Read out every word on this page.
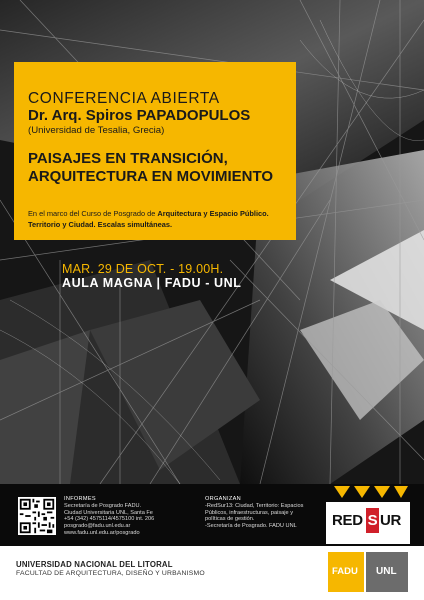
CONFERENCIA ABIERTA
Dr. Arq. Spiros PAPADOPULOS
(Universidad de Tesalia, Grecia)
PAISAJES EN TRANSICIÓN,
ARQUITECTURA EN MOVIMIENTO
En el marco del Curso de Posgrado de Arquitectura y Espacio Público. Territorio y Ciudad. Escalas simultáneas.
MAR. 29 DE OCT. - 19.00H.
AULA MAGNA | FADU - UNL
INFORMES
Secretaría de Posgrado FADU.
Ciudad Universitaria UNL, Santa Fe
+54 (342) 4575114/4575100 int. 206
posgrado@fadu.unl.edu.ar
www.fadu.unl.edu.ar/posgrado
ORGANIZAN
-RedSur13: Ciudad, Territorio: Espacios
Públicos, infraestructuras, paisaje y
políticas de gestión.
-Secretaría de Posgrado. FADU UNL	RED S UR
UNIVERSIDAD NACIONAL DEL LITORAL
FACULTAD DE ARQUITECTURA, DISEÑO Y URBANISMO	FADU UNL
